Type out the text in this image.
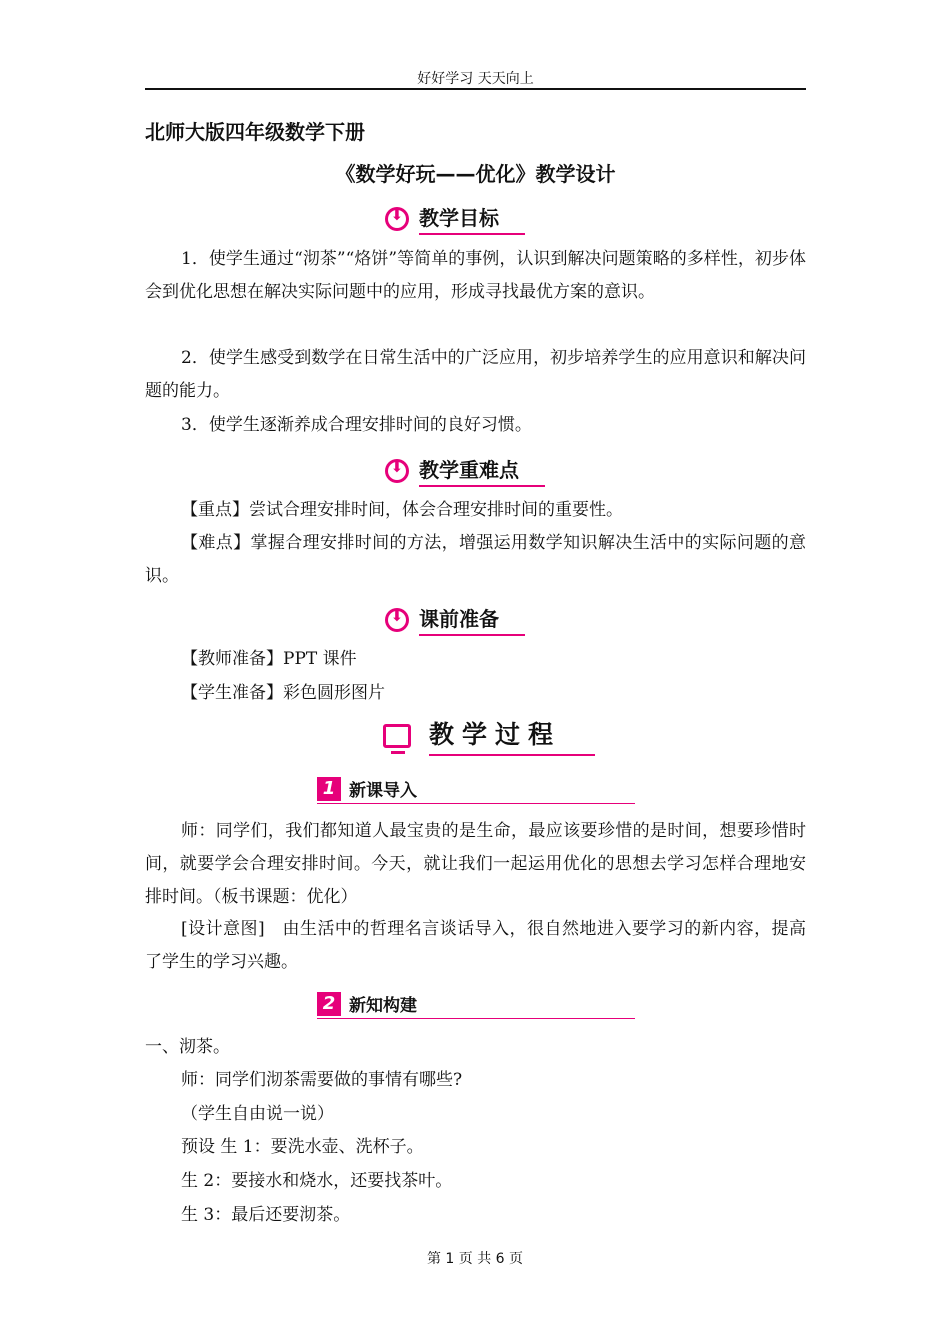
好好学习 天天向上
北师大版四年级数学下册
《数学好玩——优化》教学设计
⬇
教学目标
1．使学生通过“沏茶”“烙饼”等简单的事例，认识到解决问题策略的多样性，初步体会到优化思想在解决实际问题中的应用，形成寻找最优方案的意识。
2．使学生感受到数学在日常生活中的广泛应用，初步培养学生的应用意识和解决问题的能力。
3．使学生逐渐养成合理安排时间的良好习惯。
⬇
教学重难点
【重点】尝试合理安排时间，体会合理安排时间的重要性。
【难点】掌握合理安排时间的方法，增强运用数学知识解决生活中的实际问题的意识。
⬇
课前准备
【教师准备】PPT 课件
【学生准备】彩色圆形图片
教学过程
1 新课导入
师：同学们，我们都知道人最宝贵的是生命，最应该要珍惜的是时间，想要珍惜时间，就要学会合理安排时间。今天，就让我们一起运用优化的思想去学习怎样合理地安排时间。（板书课题：优化）
[设计意图]　由生活中的哲理名言谈话导入，很自然地进入要学习的新内容，提高了学生的学习兴趣。
2 新知构建
一、沏茶。
师：同学们沏茶需要做的事情有哪些?
（学生自由说一说）
预设 生 1：要洗水壶、洗杯子。
生 2：要接水和烧水，还要找茶叶。
生 3：最后还要沏茶。
第 1 页 共 6 页
